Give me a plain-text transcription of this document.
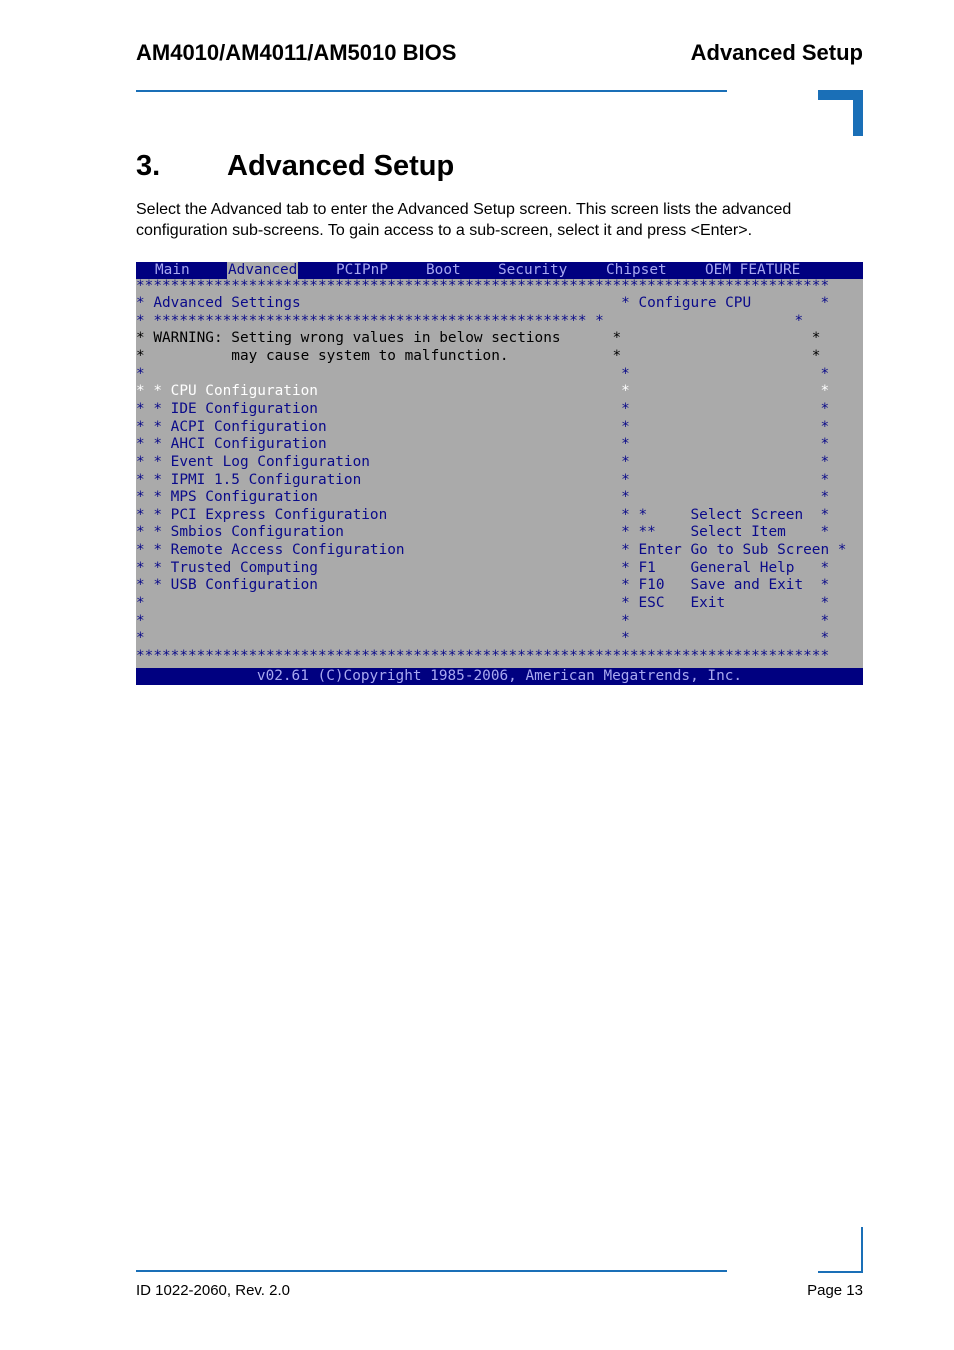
AM4010/AM4011/AM5010 BIOS	Advanced Setup
3. Advanced Setup
Select the Advanced tab to enter the Advanced Setup screen. This screen lists the advanced configuration sub-screens. To gain access to a sub-screen, select it and press <Enter>.

Main

	Advanced

	PCIPnP

	Boot

	Security

	Chipset

	OEM FEATURE

********************************************************************************
* Advanced Settings                                     * Configure CPU        *
* ************************************************** *                      *
* WARNING: Setting wrong values in below sections      *                      *
*          may cause system to malfunction.            *                      *
*                                                       *                      *
* * CPU Configuration                                   *                      *
* * IDE Configuration                                   *                      *
* * ACPI Configuration                                  *                      *
* * AHCI Configuration                                  *                      *
* * Event Log Configuration                             *                      *
* * IPMI 1.5 Configuration                              *                      *
* * MPS Configuration                                   *                      *
* * PCI Express Configuration                           * *     Select Screen  *
* * Smbios Configuration                                * **    Select Item    *
* * Remote Access Configuration                         * Enter Go to Sub Screen *
* * Trusted Computing                                   * F1    General Help   *
* * USB Configuration                                   * F10   Save and Exit  *
*                                                       * ESC   Exit           *
*                                                       *                      *
*                                                       *                      *
********************************************************************************
v02.61 (C)Copyright 1985-2006, American Megatrends, Inc.
ID 1022-2060, Rev. 2.0	Page 13
